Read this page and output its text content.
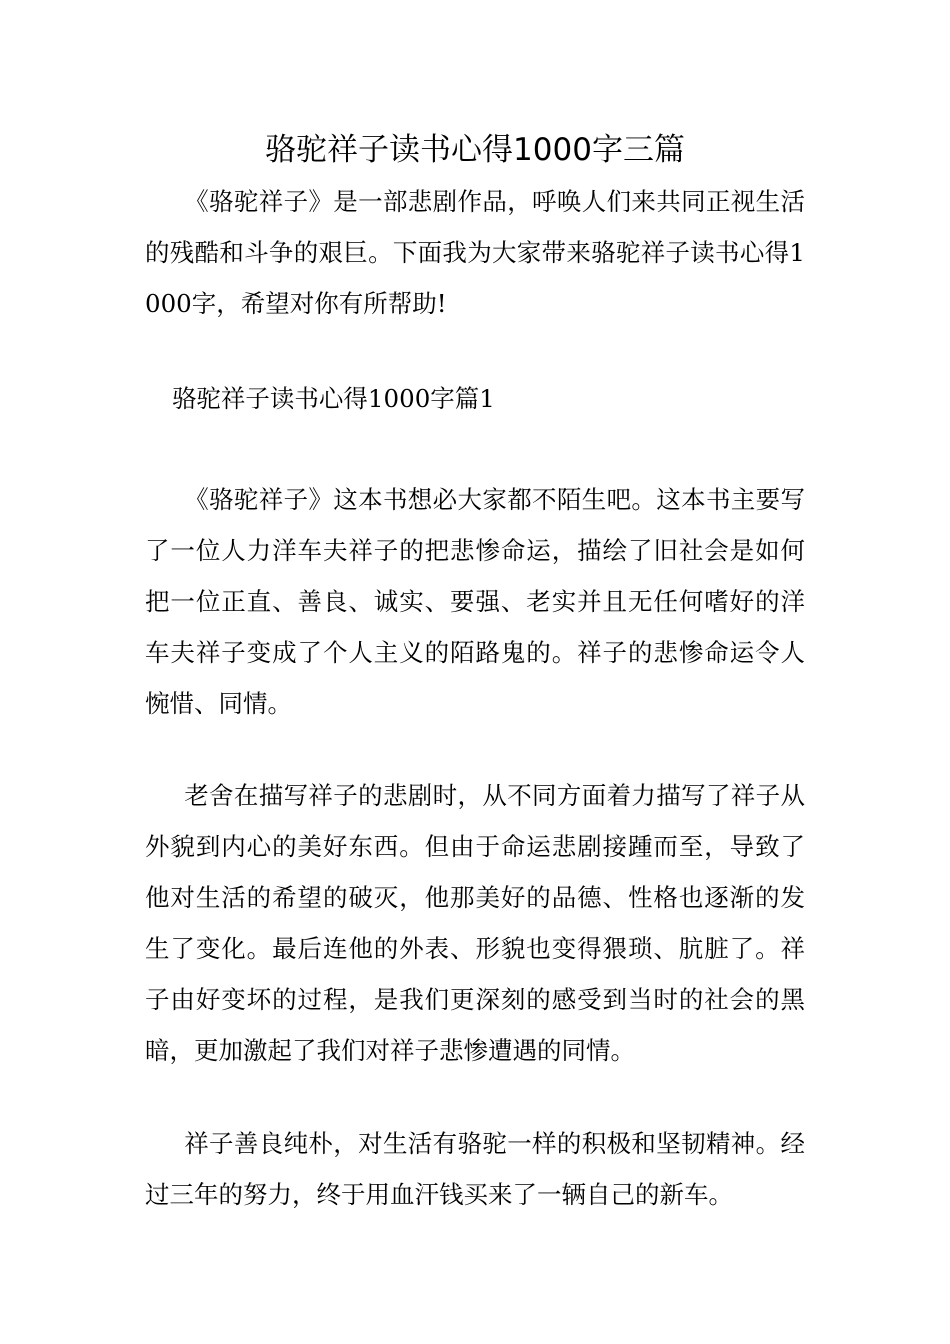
骆驼祥子读书心得1000字三篇

《骆驼祥子》是一部悲剧作品，呼唤人们来共同正视生活的残酷和斗争的艰巨。下面我为大家带来骆驼祥子读书心得1000字，希望对你有所帮助!

骆驼祥子读书心得1000字篇1

《骆驼祥子》这本书想必大家都不陌生吧。这本书主要写了一位人力洋车夫祥子的把悲惨命运，描绘了旧社会是如何把一位正直、善良、诚实、要强、老实并且无任何嗜好的洋车夫祥子变成了个人主义的陌路鬼的。祥子的悲惨命运令人惋惜、同情。

老舍在描写祥子的悲剧时，从不同方面着力描写了祥子从外貌到内心的美好东西。但由于命运悲剧接踵而至，导致了他对生活的希望的破灭，他那美好的品德、性格也逐渐的发生了变化。最后连他的外表、形貌也变得猥琐、肮脏了。祥子由好变坏的过程，是我们更深刻的感受到当时的社会的黑暗，更加激起了我们对祥子悲惨遭遇的同情。

祥子善良纯朴，对生活有骆驼一样的积极和坚韧精神。经过三年的努力，终于用血汗钱买来了一辆自己的新车。
